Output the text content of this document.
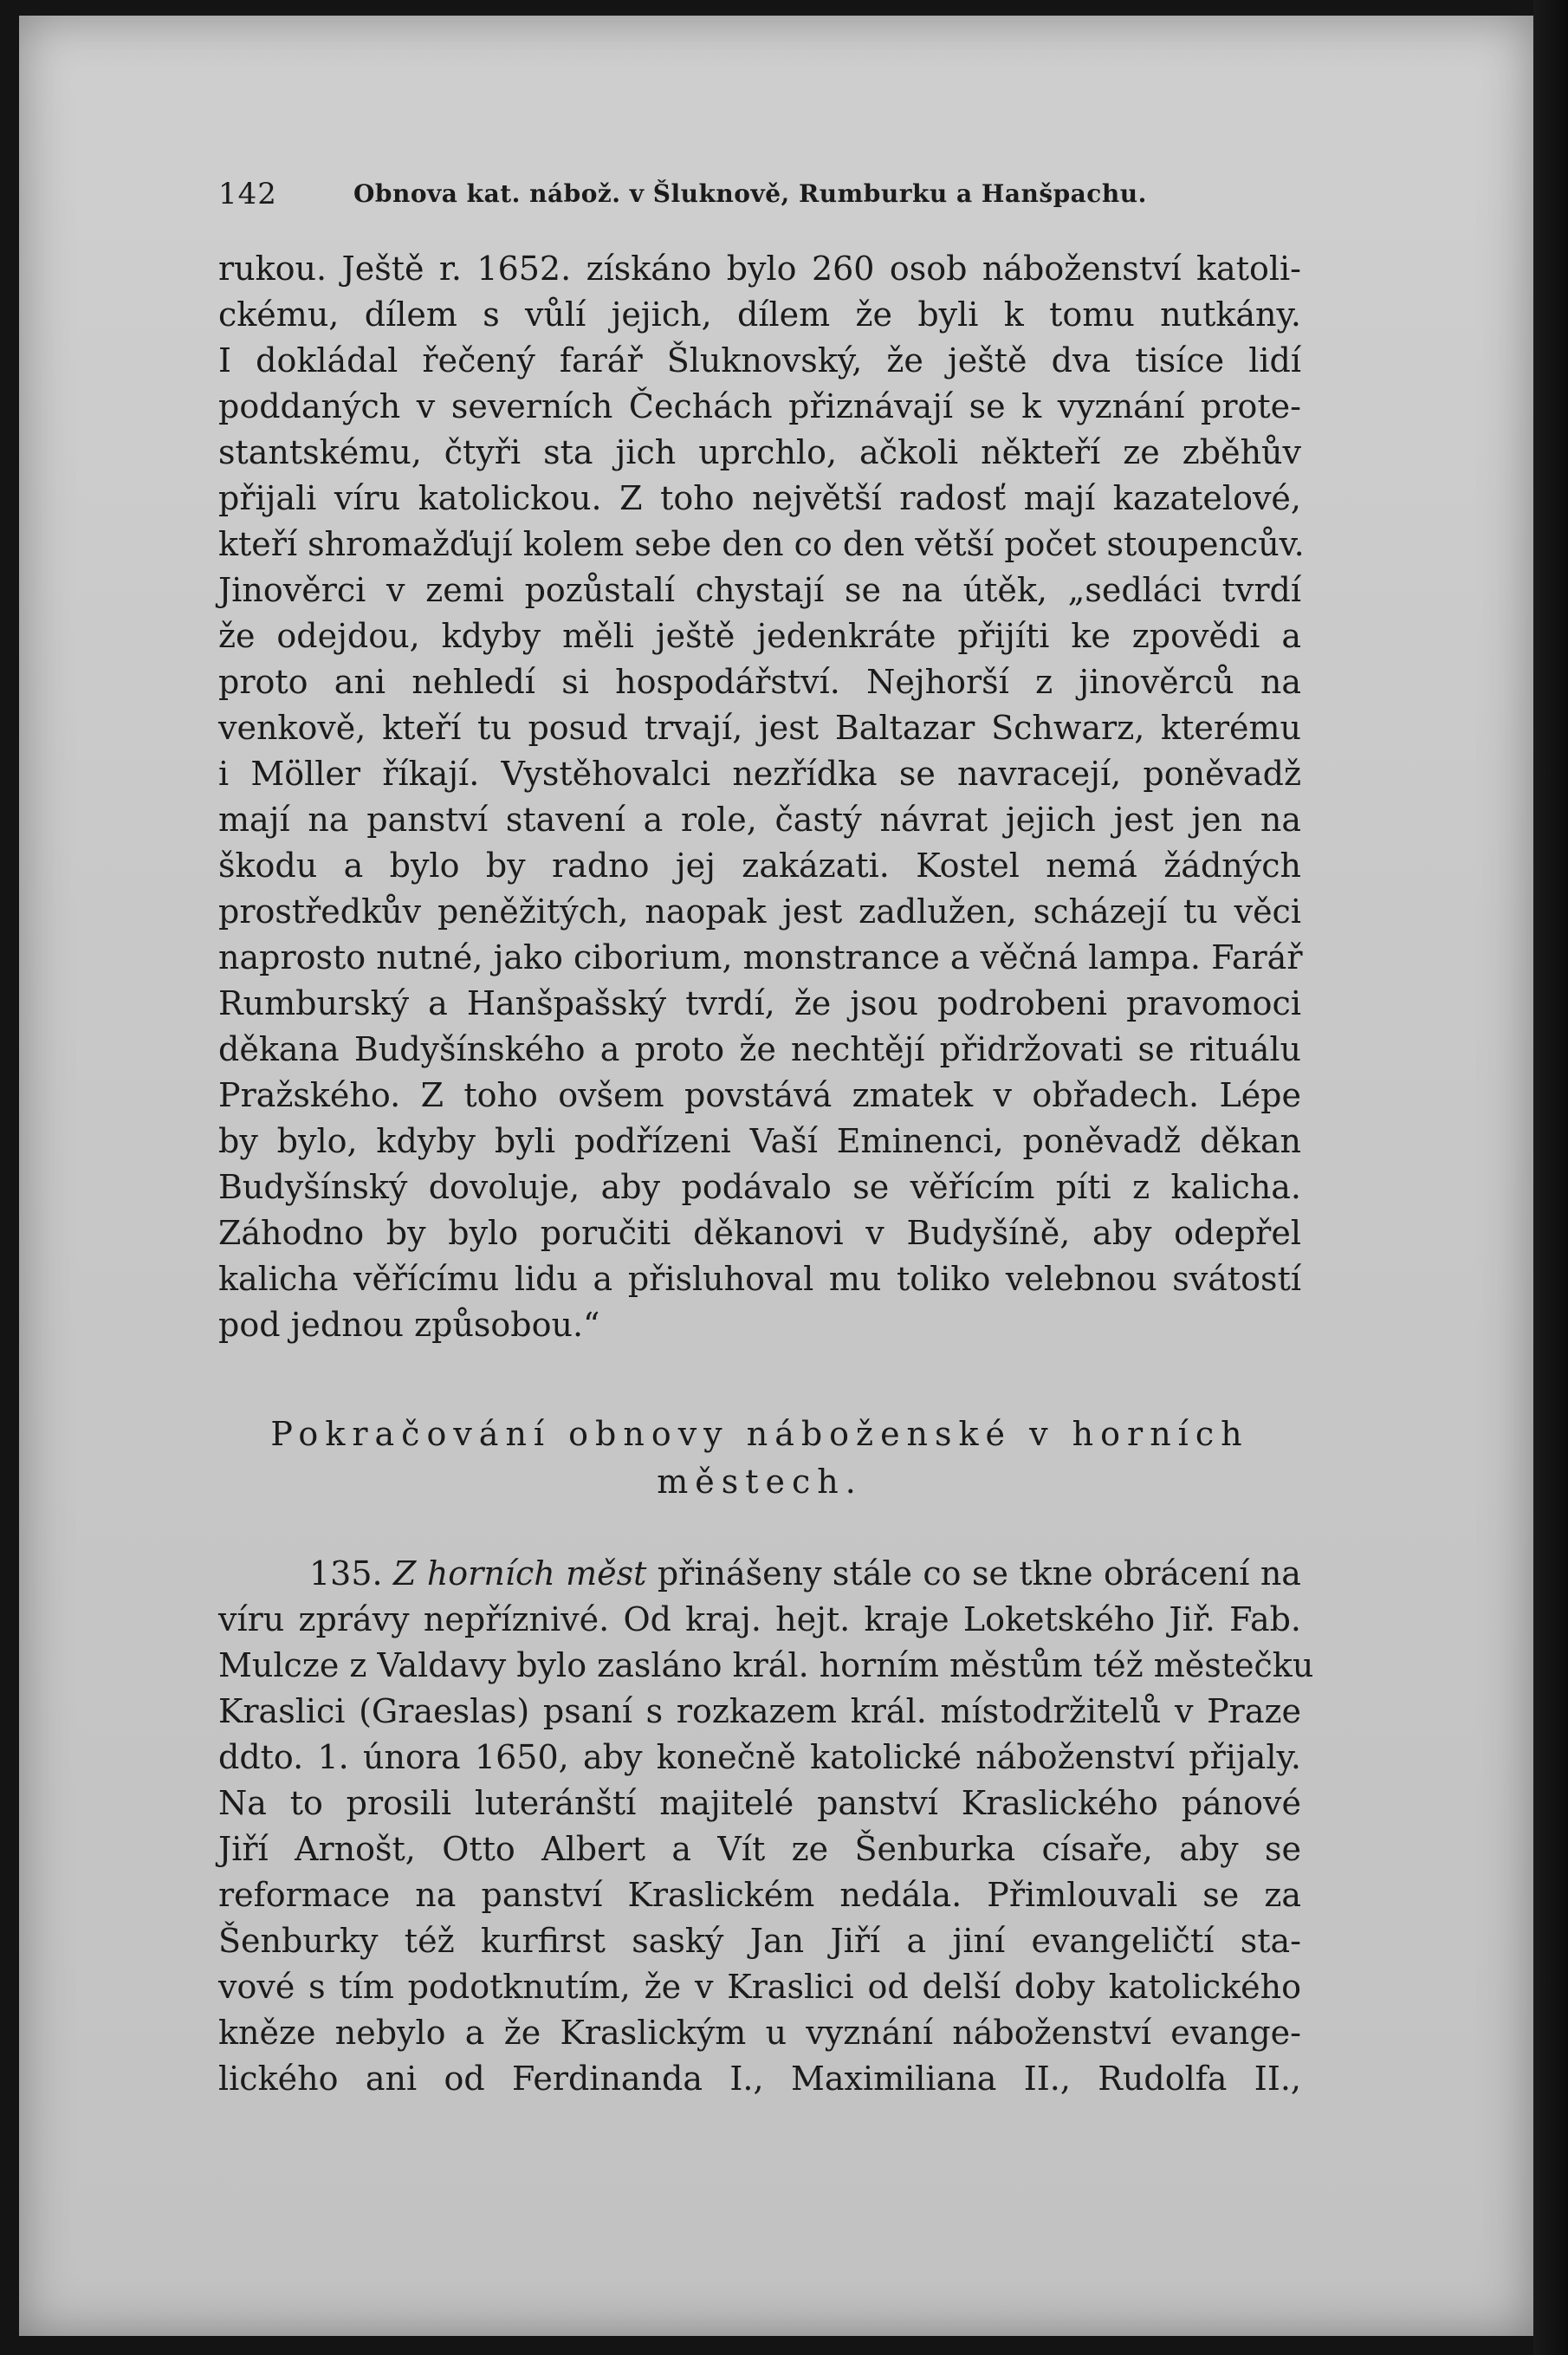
142	Obnova kat. nábož. v Šluknově, Rumburku a Hanšpachu.
rukou. Ještě r. 1652. získáno bylo 260 osob náboženství katoli-
ckému, dílem s vůlí jejich, dílem že byli k tomu nutkány.
I dokládal řečený farář Šluknovský, že ještě dva tisíce lidí
poddaných v severních Čechách přiznávají se k vyznání prote-
stantskému, čtyři sta jich uprchlo, ačkoli někteří ze zběhův
přijali víru katolickou. Z toho největší radosť mají kazatelové,
kteří shromažďují kolem sebe den co den větší počet stoupencův.
Jinověrci v zemi pozůstalí chystají se na útěk, „sedláci tvrdí
že odejdou, kdyby měli ještě jedenkráte přijíti ke zpovědi a
proto ani nehledí si hospodářství. Nejhorší z jinověrců na
venkově, kteří tu posud trvají, jest Baltazar Schwarz, kterému
i Möller říkají. Vystěhovalci nezřídka se navracejí, poněvadž
mají na panství stavení a role, častý návrat jejich jest jen na
škodu a bylo by radno jej zakázati. Kostel nemá žádných
prostředkův peněžitých, naopak jest zadlužen, scházejí tu věci
naprosto nutné, jako ciborium, monstrance a věčná lampa. Farář
Rumburský a Hanšpašský tvrdí, že jsou podrobeni pravomoci
děkana Budyšínského a proto že nechtějí přidržovati se rituálu
Pražského. Z toho ovšem povstává zmatek v obřadech. Lépe
by bylo, kdyby byli podřízeni Vaší Eminenci, poněvadž děkan
Budyšínský dovoluje, aby podávalo se věřícím píti z kalicha.
Záhodno by bylo poručiti děkanovi v Budyšíně, aby odepřel
kalicha věřícímu lidu a přisluhoval mu toliko velebnou svátostí
pod jednou způsobou.“
Pokračování obnovy náboženské v horních
městech.
135. Z horních měst přinášeny stále co se tkne obrácení na
víru zprávy nepříznivé. Od kraj. hejt. kraje Loketského Jiř. Fab.
Mulcze z Valdavy bylo zasláno král. horním městům též městečku
Kraslici (Graeslas) psaní s rozkazem král. místodržitelů v Praze
ddto. 1. února 1650, aby konečně katolické náboženství přijaly.
Na to prosili luteránští majitelé panství Kraslického pánové
Jiří Arnošt, Otto Albert a Vít ze Šenburka císaře, aby se
reformace na panství Kraslickém nedála. Přimlouvali se za
Šenburky též kurfirst saský Jan Jiří a jiní evangeličtí sta-
vové s tím podotknutím, že v Kraslici od delší doby katolického
kněze nebylo a že Kraslickým u vyznání náboženství evange-
lického ani od Ferdinanda I., Maximiliana II., Rudolfa II.,
